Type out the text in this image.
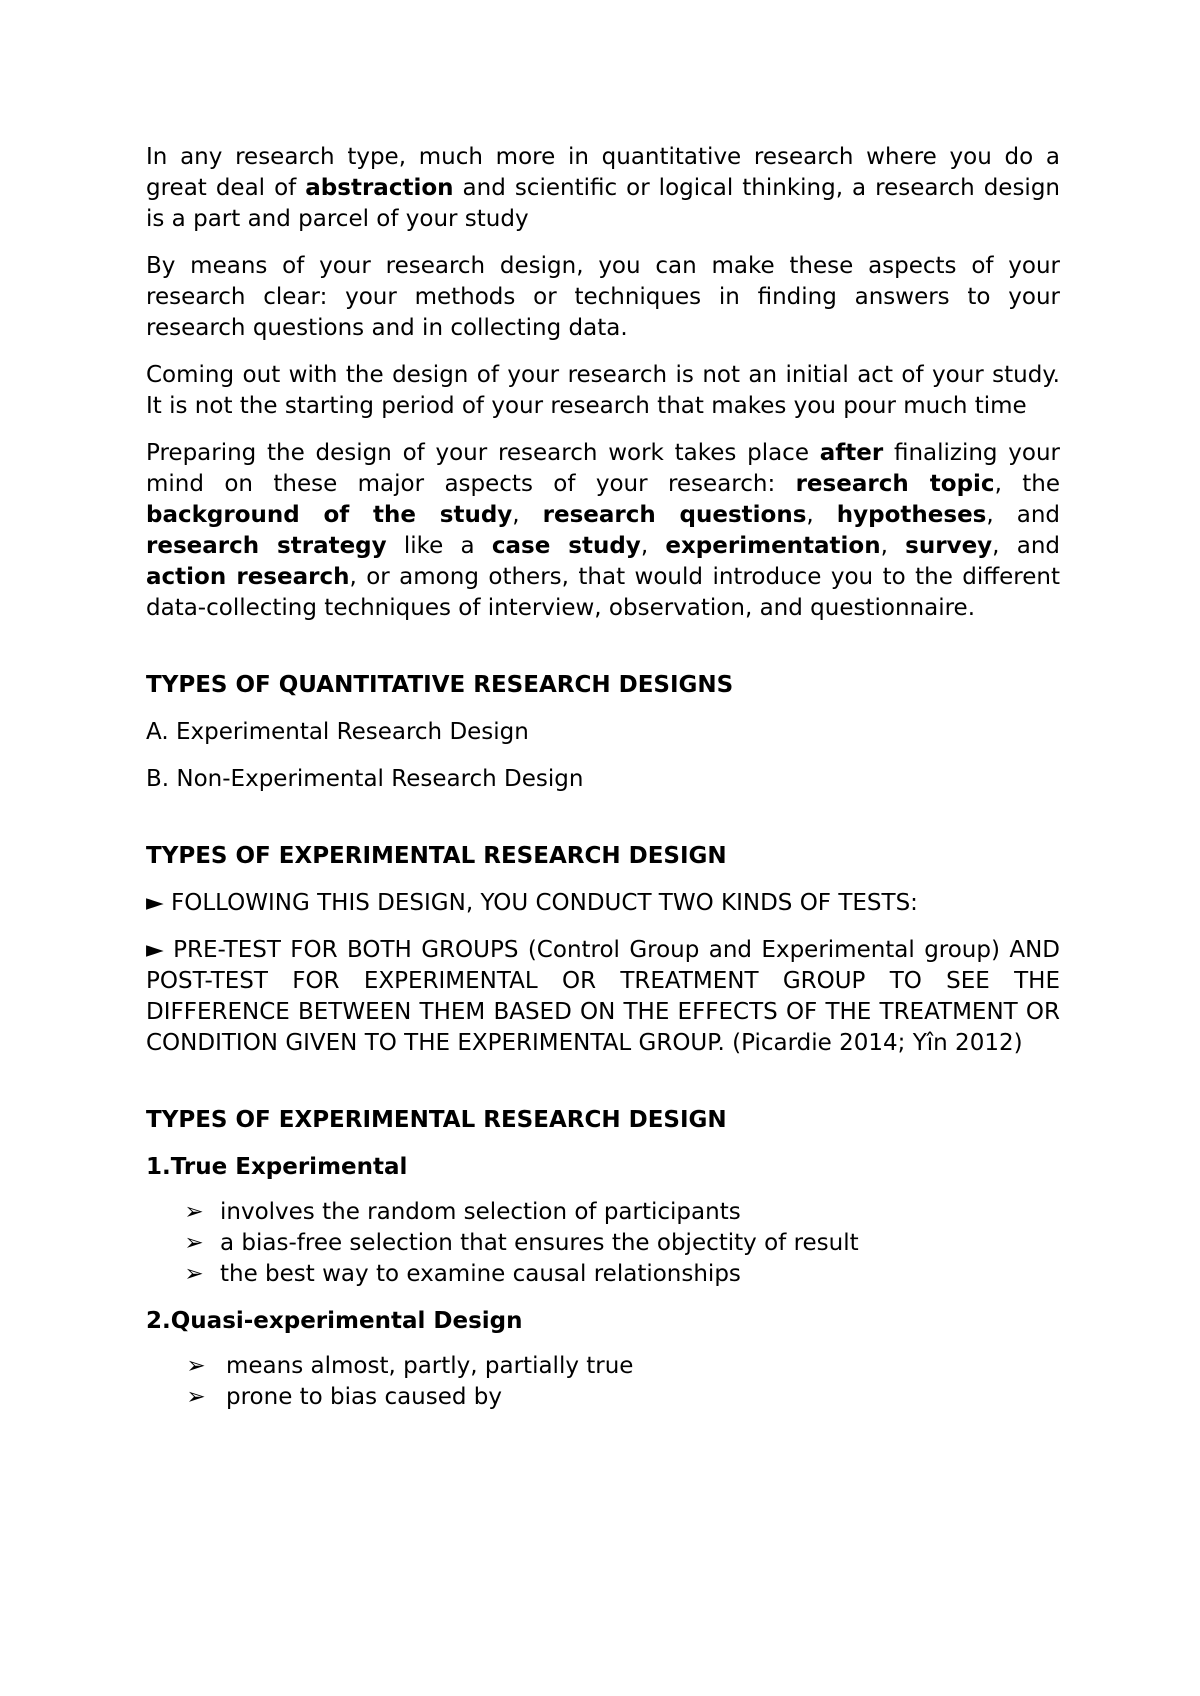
In any research type, much more in quantitative research where you do a great deal of abstraction and scientific or logical thinking, a research design is a part and parcel of your study

By means of your research design, you can make these aspects of your research clear: your methods or techniques in finding answers to your research questions and in collecting data.

Coming out with the design of your research is not an initial act of your study. It is not the starting period of your research that makes you pour much time

Preparing the design of your research work takes place after finalizing your mind on these major aspects of your research: research topic, the background of the study, research questions, hypotheses, and research strategy like a case study, experimentation, survey, and action research, or among others, that would introduce you to the different data-collecting techniques of interview, observation, and questionnaire.

TYPES OF QUANTITATIVE RESEARCH DESIGNS
A. Experimental Research Design
B. Non-Experimental Research Design
TYPES OF EXPERIMENTAL RESEARCH DESIGN
► FOLLOWING THIS DESIGN, YOU CONDUCT TWO KINDS OF TESTS:
► PRE-TEST FOR BOTH GROUPS (Control Group and Experimental group) AND POST-TEST FOR EXPERIMENTAL OR TREATMENT GROUP TO SEE THE DIFFERENCE BETWEEN THEM BASED ON THE EFFECTS OF THE TREATMENT OR CONDITION GIVEN TO THE EXPERIMENTAL GROUP. (Picardie 2014; Yîn 2012)
TYPES OF EXPERIMENTAL RESEARCH DESIGN
1.True Experimental
➢ involves the random selection of participants
➢ a bias-free selection that ensures the objectity of result
➢ the best way to examine causal relationships
2.Quasi-experimental Design
➢ means almost, partly, partially true
➢ prone to bias caused by
